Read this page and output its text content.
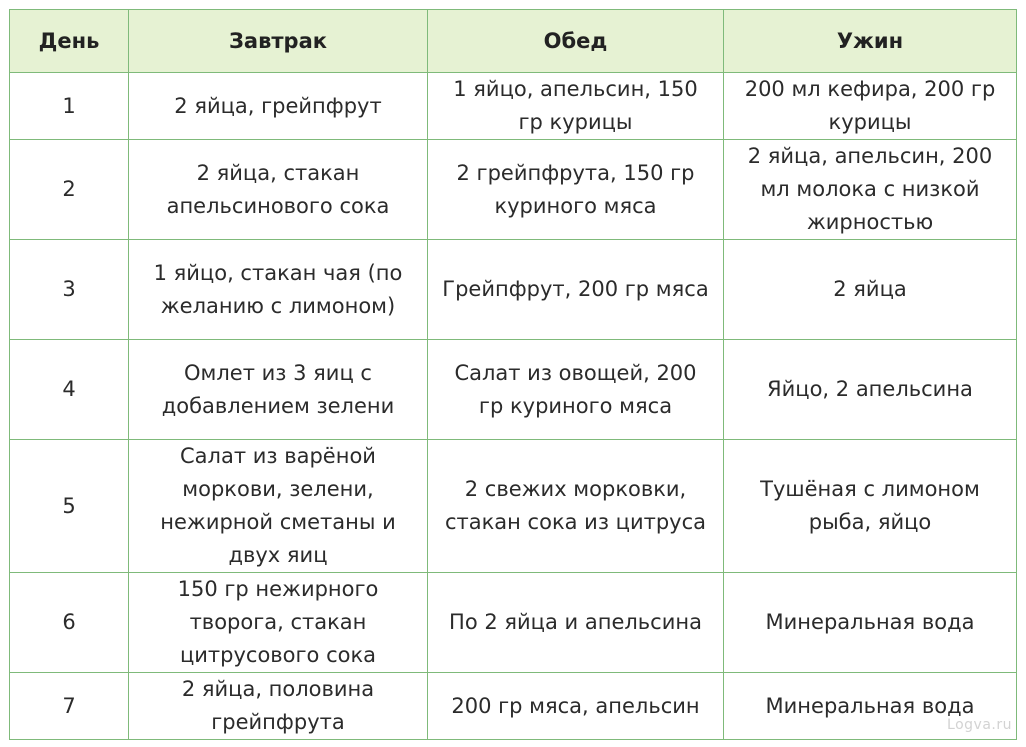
День	Завтрак	Обед	Ужин
1	2 яйца, грейпфрут	1 яйцо, апельсин, 150 гр курицы	200 мл кефира, 200 гр курицы
2	2 яйца, стакан апельсинового сока	2 грейпфрута, 150 гр куриного мяса	2 яйца, апельсин, 200 мл молока с низкой жирностью
3	1 яйцо, стакан чая (по желанию с лимоном)	Грейпфрут, 200 гр мяса	2 яйца
4	Омлет из 3 яиц с добавлением зелени	Салат из овощей, 200 гр куриного мяса	Яйцо, 2 апельсина
5	Салат из варёной моркови, зелени, нежирной сметаны и двух яиц	2 свежих морковки, стакан сока из цитруса	Тушёная с лимоном рыба, яйцо
6	150 гр нежирного творога, стакан цитрусового сока	По 2 яйца и апельсина	Минеральная вода
7	2 яйца, половина грейпфрута	200 гр мяса, апельсин	Минеральная вода
Logva.ru
